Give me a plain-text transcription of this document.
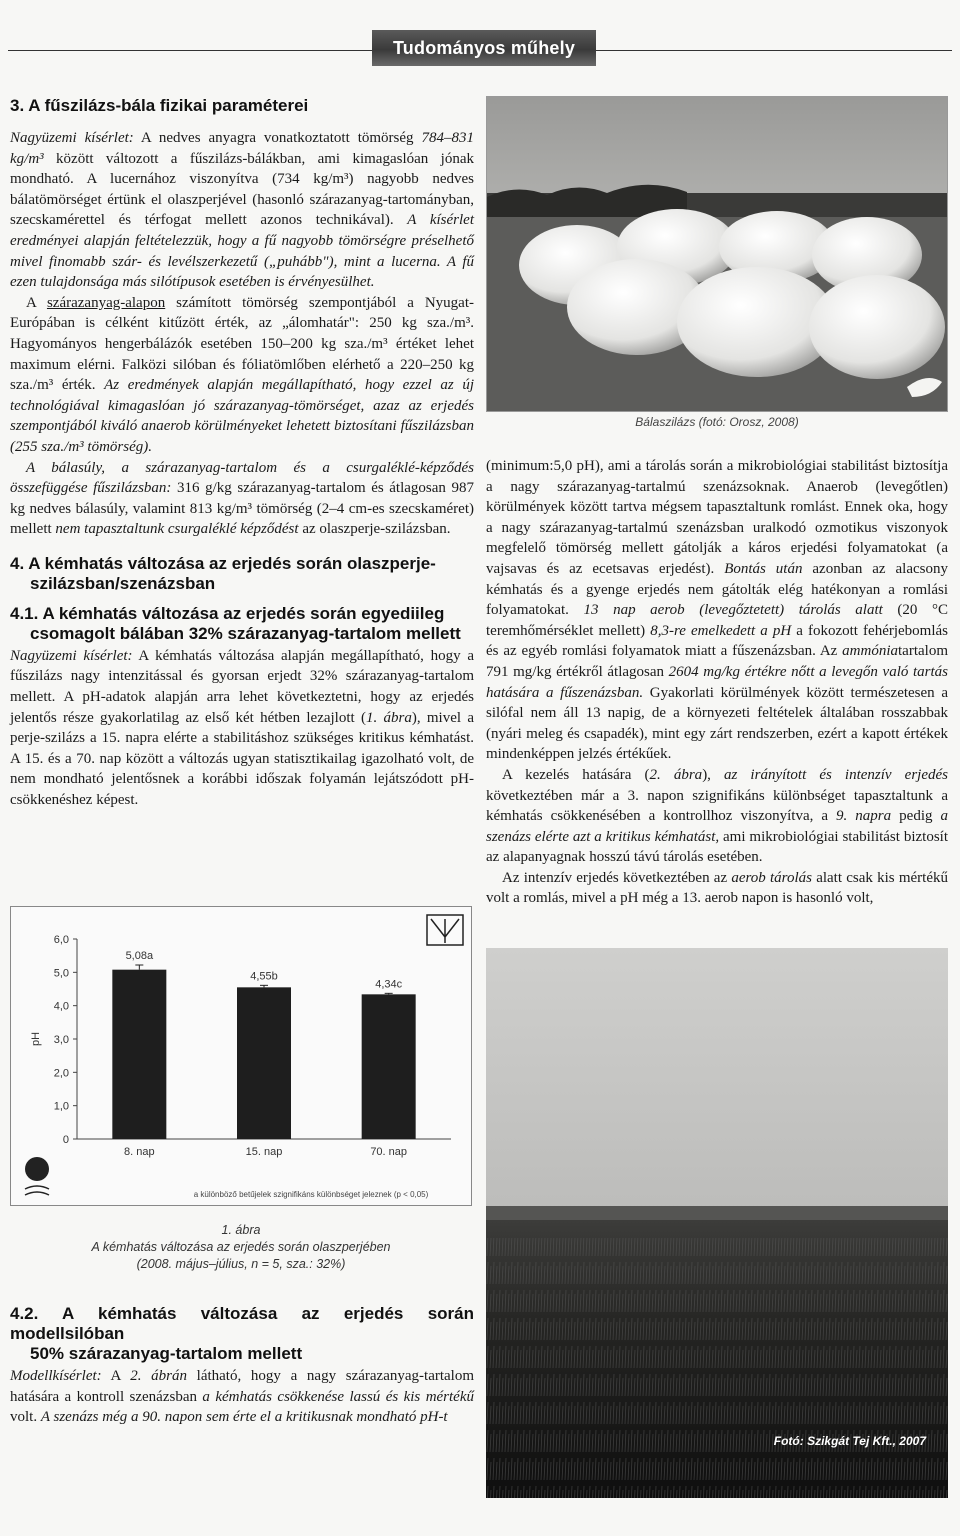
Tudományos műhely
3. A fűszilázs-bála fizikai paraméterei

Nagyüzemi kísérlet: A nedves anyagra vonatkoztatott tömörség 784–831 kg/m³ között változott a fűszilázs-bálákban, ami kimagaslóan jónak mondható. A lucernához viszonyítva (734 kg/m³) nagyobb nedves bálatömörséget értünk el olaszperjével (hasonló szárazanyag-tartományban, szecskamérettel és térfogat mellett azonos technikával). A kísérlet eredményei alapján feltételezzük, hogy a fű nagyobb tömörségre préselhető mivel finomabb szár- és levélszerkezetű („puhább"), mint a lucerna. A fű ezen tulajdonsága más silótípusok esetében is érvényesülhet.

A szárazanyag-alapon számított tömörség szempontjából a Nyugat-Európában is célként kitűzött érték, az „álomhatár": 250 kg sza./m³. Hagyományos hengerbálázók esetében 150–200 kg sza./m³ értéket lehet maximum elérni. Falközi silóban és fóliatömlőben elérhető a 220–250 kg sza./m³ érték. Az eredmények alapján megállapítható, hogy ezzel az új technológiával kimagaslóan jó szárazanyag-tömörséget, azaz az erjedés szempontjából kiváló anaerob körülményeket lehetett biztosítani fűszilázsban (255 sza./m³ tömörség).

A bálasúly, a szárazanyag-tartalom és a csurgaléklé-képződés összefüggése fűszilázsban: 316 g/kg szárazanyag-tartalom és átlagosan 987 kg nedves bálasúly, valamint 813 kg/m³ tömörség (2–4 cm-es szecskaméret) mellett nem tapasztaltunk csurgaléklé képződést az olaszperje-szilázsban.

4. A kémhatás változása az erjedés során olaszperje-
szilázsban/szenázsban
4.1. A kémhatás változása az erjedés során egyediileg
csomagolt bálában 32% szárazanyag-tartalom mellett

Nagyüzemi kísérlet: A kémhatás változása alapján megállapítható, hogy a fűszilázs nagy intenzitással és gyorsan erjedt 32% szárazanyag-tartalom mellett. A pH-adatok alapján arra lehet következtetni, hogy az erjedés jelentős része gyakorlatilag az első két hétben lezajlott (1. ábra), mivel a perje-szilázs a 15. napra elérte a stabilitáshoz szükséges kritikus kémhatást. A 15. és a 70. nap között a változás ugyan statisztikailag igazolható volt, de nem mondható jelentősnek a korábbi időszak folyamán lejátszódott pH-csökkenéshez képest.

6,0
5,0
4,0
3,0
2,0
1,0
0
pH
5,08a
8. nap
4,55b
15. nap
4,34c
70. nap
a különböző betűjelek szignifikáns különbséget jeleznek (p < 0,05)
1. ábra
A kémhatás változása az erjedés során olaszperjében
(2008. május–július, n = 5, sza.: 32%)
4.2. A kémhatás változása az erjedés során modellsilóban
50% szárazanyag-tartalom mellett

Modellkísérlet: A 2. ábrán látható, hogy a nagy szárazanyag-tartalom hatására a kontroll szenázsban a kémhatás csökkenése lassú és kis mértékű volt. A szenázs még a 90. napon sem érte el a kritikusnak mondható pH-t

Bálaszilázs (fotó: Orosz, 2008)

(minimum:5,0 pH), ami a tárolás során a mikrobiológiai stabilitást biztosítja a nagy szárazanyag-tartalmú szenázsoknak. Anaerob (levegőtlen) körülmények között tartva mégsem tapasztaltunk romlást. Ennek oka, hogy a nagy szárazanyag-tartalmú szenázsban uralkodó ozmotikus viszonyok megfelelő tömörség mellett gátolják a káros erjedési folyamatokat (a vajsavas és az ecetsavas erjedést). Bontás után azonban az alacsony kémhatás és a gyenge erjedés nem gátolták elég hatékonyan a romlási folyamatokat. 13 nap aerob (levegőztetett) tárolás alatt (20 °C teremhőmérséklet mellett) 8,3-re emelkedett a pH a fokozott fehérjebomlás és az egyéb romlási folyamatok miatt a fűszenázsban. Az ammóniatartalom 791 mg/kg értékről átlagosan 2604 mg/kg értékre nőtt a levegőn való tartás hatására a fűszenázsban. Gyakorlati körülmények között természetesen a silófal nem áll 13 napig, de a környezeti feltételek általában rosszabbak (nyári meleg és csapadék), mint egy zárt rendszerben, ezért a kapott értékek mindenképpen jelzés értékűek.

A kezelés hatására (2. ábra), az irányított és intenzív erjedés következtében már a 3. napon szignifikáns különbséget tapasztaltunk a kémhatás csökkenésében a kontrollhoz viszonyítva, a 9. napra pedig a szenázs elérte azt a kritikus kémhatást, ami mikrobiológiai stabilitást biztosít az alapanyagnak hosszú távú tárolás esetében.

Az intenzív erjedés következtében az aerob tárolás alatt csak kis mértékű volt a romlás, mivel a pH még a 13. aerob napon is hasonló volt,

Fotó: Szikgát Tej Kft., 2007
